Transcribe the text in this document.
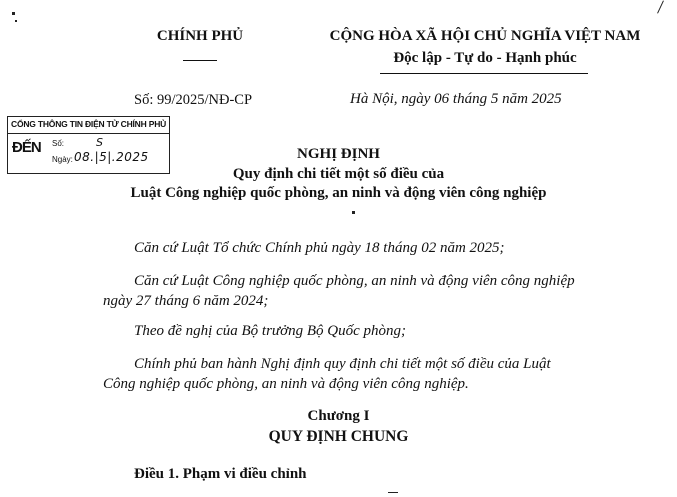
CHÍNH PHỦ	CỘNG HÒA XÃ HỘI CHỦ NGHĨA VIỆT NAM
Độc lập - Tự do - Hạnh phúc
Số: 99/2025/NĐ-CP	Hà Nội, ngày 06 tháng 5 năm 2025
CỔNG THÔNG TIN ĐIỆN TỬ CHÍNH PHỦ
ĐẾN Số:	S
Ngày: 08.|5|.2025	NGHỊ ĐỊNH
Quy định chi tiết một số điều của
Luật Công nghiệp quốc phòng, an ninh và động viên công nghiệp
Căn cứ Luật Tổ chức Chính phủ ngày 18 tháng 02 năm 2025;
Căn cứ Luật Công nghiệp quốc phòng, an ninh và động viên công nghiệp
ngày 27 tháng 6 năm 2024;
Theo đề nghị của Bộ trưởng Bộ Quốc phòng;
Chính phủ ban hành Nghị định quy định chi tiết một số điều của Luật
Công nghiệp quốc phòng, an ninh và động viên công nghiệp.
Chương I
QUY ĐỊNH CHUNG
Điều 1. Phạm vi điều chỉnh
